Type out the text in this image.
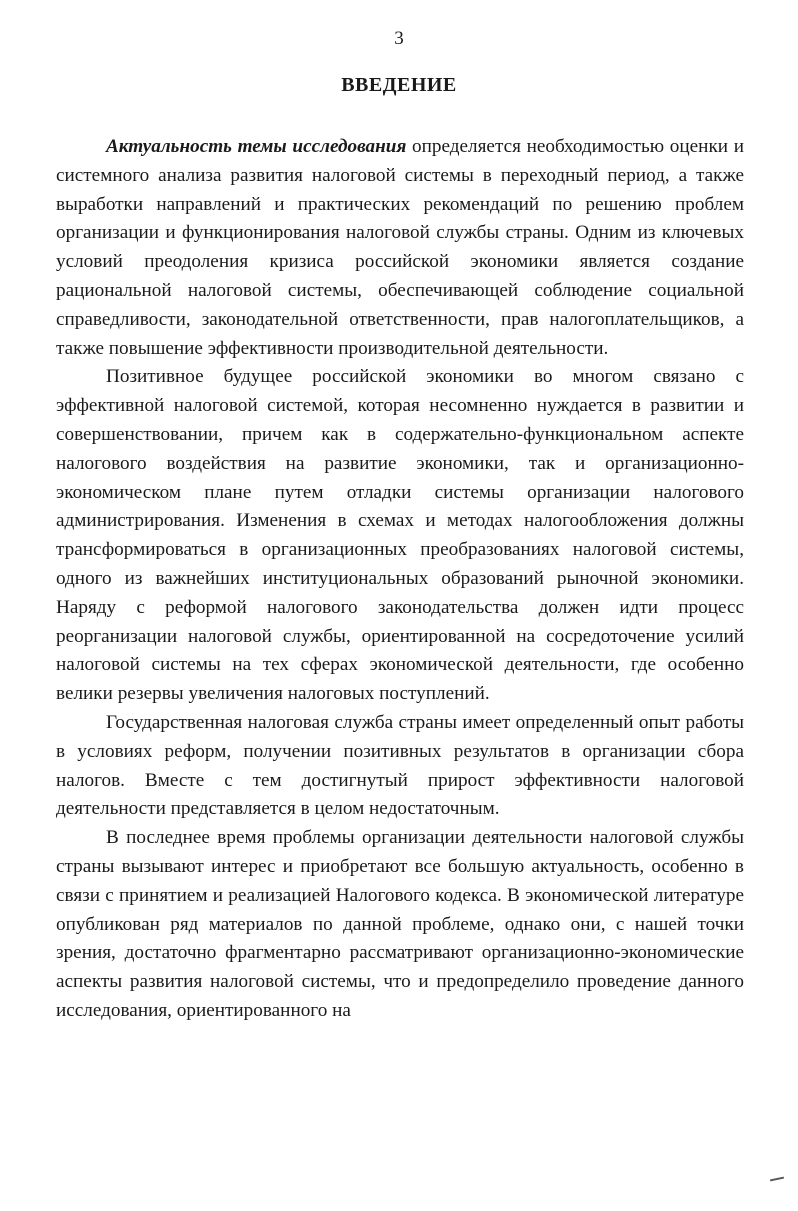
3
ВВЕДЕНИЕ

Актуальность темы исследования определяется необходимостью оценки и системного анализа развития налоговой системы в переходный период, а также выработки направлений и практических рекомендаций по решению проблем организации и функционирования налоговой службы страны. Одним из ключевых условий преодоления кризиса российской экономики является создание рациональной налоговой системы, обеспечивающей соблюдение социальной справедливости, законодательной ответственности, прав налогоплательщиков, а также повышение эффективности производительной деятельности.

Позитивное будущее российской экономики во многом связано с эффективной налоговой системой, которая несомненно нуждается в развитии и совершенствовании, причем как в содержательно-функциональном аспекте налогового воздействия на развитие экономики, так и организационно-экономическом плане путем отладки системы организации налогового администрирования. Изменения в схемах и методах налогообложения должны трансформироваться в организационных преобразованиях налоговой системы, одного из важнейших институциональных образований рыночной экономики. Наряду с реформой налогового законодательства должен идти процесс реорганизации налоговой службы, ориентированной на сосредоточение усилий налоговой системы на тех сферах экономической деятельности, где особенно велики резервы увеличения налоговых поступлений.

Государственная налоговая служба страны имеет определенный опыт работы в условиях реформ, получении позитивных результатов в организации сбора налогов. Вместе с тем достигнутый прирост эффективности налоговой деятельности представляется в целом недостаточным.

В последнее время проблемы организации деятельности налоговой службы страны вызывают интерес и приобретают все большую актуальность, особенно в связи с принятием и реализацией Налогового кодекса. В экономической литературе опубликован ряд материалов по данной проблеме, однако они, с нашей точки зрения, достаточно фрагментарно рассматривают организационно-экономические аспекты развития налоговой системы, что и предопределило проведение данного исследования, ориентированного на
